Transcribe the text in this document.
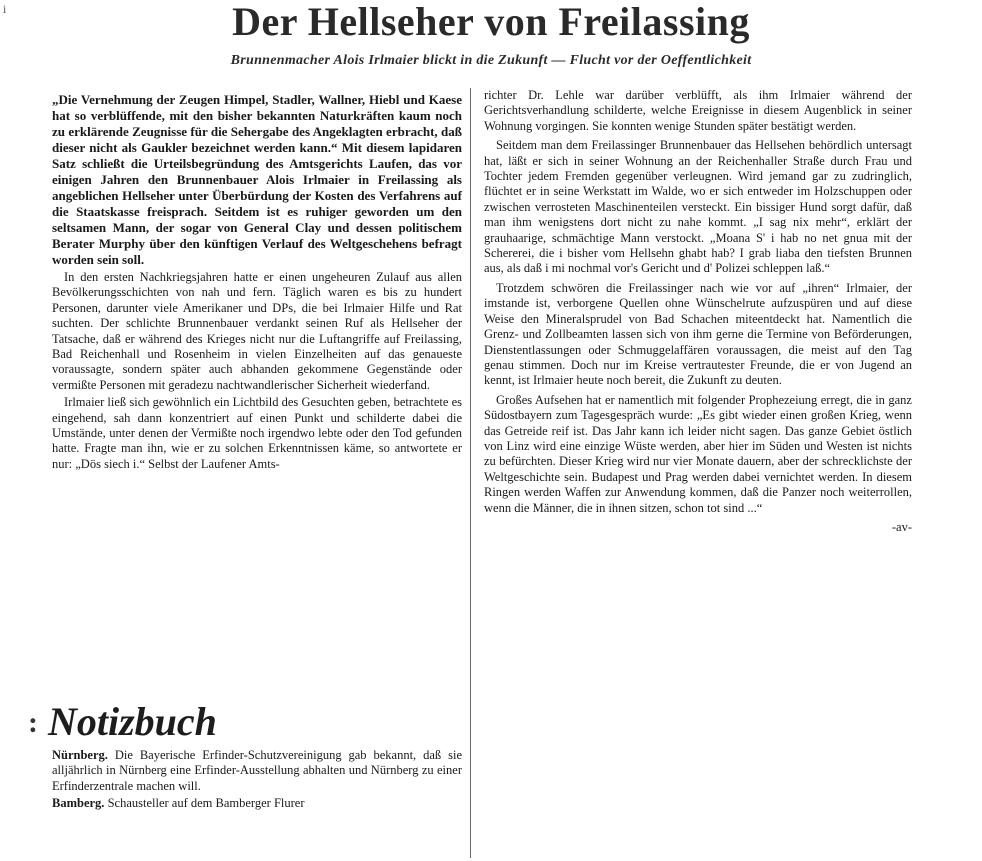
i	Der Hellseher von Freilassing

Brunnenmacher Alois Irlmaier blickt in die Zukunft — Flucht vor der Oeffentlichkeit

„Die Vernehmung der Zeugen Himpel, Stadler, Wallner, Hiebl und Kaese hat so verblüffende, mit den bisher bekannten Naturkräften kaum noch zu erklärende Zeugnisse für die Sehergabe des Angeklagten erbracht, daß dieser nicht als Gaukler bezeichnet werden kann.“ Mit diesem lapidaren Satz schließt die Urteilsbegründung des Amtsgerichts Laufen, das vor einigen Jahren den Brunnenbauer Alois Irlmaier in Freilassing als angeblichen Hellseher unter Überbürdung der Kosten des Verfahrens auf die Staatskasse freisprach. Seitdem ist es ruhiger geworden um den seltsamen Mann, der sogar von General Clay und dessen politischem Berater Murphy über den künftigen Verlauf des Weltgeschehens befragt worden sein soll.

In den ersten Nachkriegsjahren hatte er einen ungeheuren Zulauf aus allen Bevölkerungsschichten von nah und fern. Täglich waren es bis zu hundert Personen, darunter viele Amerikaner und DPs, die bei Irlmaier Hilfe und Rat suchten. Der schlichte Brunnenbauer verdankt seinen Ruf als Hellseher der Tatsache, daß er während des Krieges nicht nur die Luftangriffe auf Freilassing, Bad Reichenhall und Rosenheim in vielen Einzelheiten auf das genaueste voraussagte, sondern später auch abhanden gekommene Gegenstände oder vermißte Personen mit geradezu nachtwandlerischer Sicherheit wiederfand.

Irlmaier ließ sich gewöhnlich ein Lichtbild des Gesuchten geben, betrachtete es eingehend, sah dann konzentriert auf einen Punkt und schilderte dabei die Umstände, unter denen der Vermißte noch irgendwo lebte oder den Tod gefunden hatte. Fragte man ihn, wie er zu solchen Erkenntnissen käme, so antwortete er nur: „Dös siech i.“ Selbst der Laufener Amts-

richter Dr. Lehle war darüber verblüfft, als ihm Irlmaier während der Gerichtsverhandlung schilderte, welche Ereignisse in diesem Augenblick in seiner Wohnung vorgingen. Sie konnten wenige Stunden später bestätigt werden.

Seitdem man dem Freilassinger Brunnenbauer das Hellsehen behördlich untersagt hat, läßt er sich in seiner Wohnung an der Reichenhaller Straße durch Frau und Tochter jedem Fremden gegenüber verleugnen. Wird jemand gar zu zudringlich, flüchtet er in seine Werkstatt im Walde, wo er sich entweder im Holzschuppen oder zwischen verrosteten Maschinenteilen versteckt. Ein bissiger Hund sorgt dafür, daß man ihm wenigstens dort nicht zu nahe kommt. „I sag nix mehr“, erklärt der grauhaarige, schmächtige Mann verstockt. „Moana S' i hab no net gnua mit der Schererei, die i bisher vom Hellsehn ghabt hab? I grab liaba den tiefsten Brunnen aus, als daß i mi nochmal vor's Gericht und d' Polizei schleppen laß.“

Trotzdem schwören die Freilassinger nach wie vor auf „ihren“ Irlmaier, der imstande ist, verborgene Quellen ohne Wünschelrute aufzuspüren und auf diese Weise den Mineralsprudel von Bad Schachen miteentdeckt hat. Namentlich die Grenz- und Zollbeamten lassen sich von ihm gerne die Termine von Beförderungen, Dienstentlassungen oder Schmuggelaffären voraussagen, die meist auf den Tag genau stimmen. Doch nur im Kreise vertrautester Freunde, die er von Jugend an kennt, ist Irlmaier heute noch bereit, die Zukunft zu deuten.

Großes Aufsehen hat er namentlich mit folgender Prophezeiung erregt, die in ganz Südostbayern zum Tagesgespräch wurde: „Es gibt wieder einen großen Krieg, wenn das Getreide reif ist. Das Jahr kann ich leider nicht sagen. Das ganze Gebiet östlich von Linz wird eine einzige Wüste werden, aber hier im Süden und Westen ist nichts zu befürchten. Dieser Krieg wird nur vier Monate dauern, aber der schrecklichste der Weltgeschichte sein. Budapest und Prag werden dabei vernichtet werden. In diesem Ringen werden Waffen zur Anwendung kommen, daß die Panzer noch weiterrollen, wenn die Männer, die in ihnen sitzen, schon tot sind ...“

-av-
: Notizbuch

Nürnberg. Die Bayerische Erfinder-Schutzvereinigung gab bekannt, daß sie alljährlich in Nürnberg eine Erfinder-Ausstellung abhalten und Nürnberg zu einer Erfinderzentrale machen will.

Bamberg. Schausteller auf dem Bamberger Flurer
